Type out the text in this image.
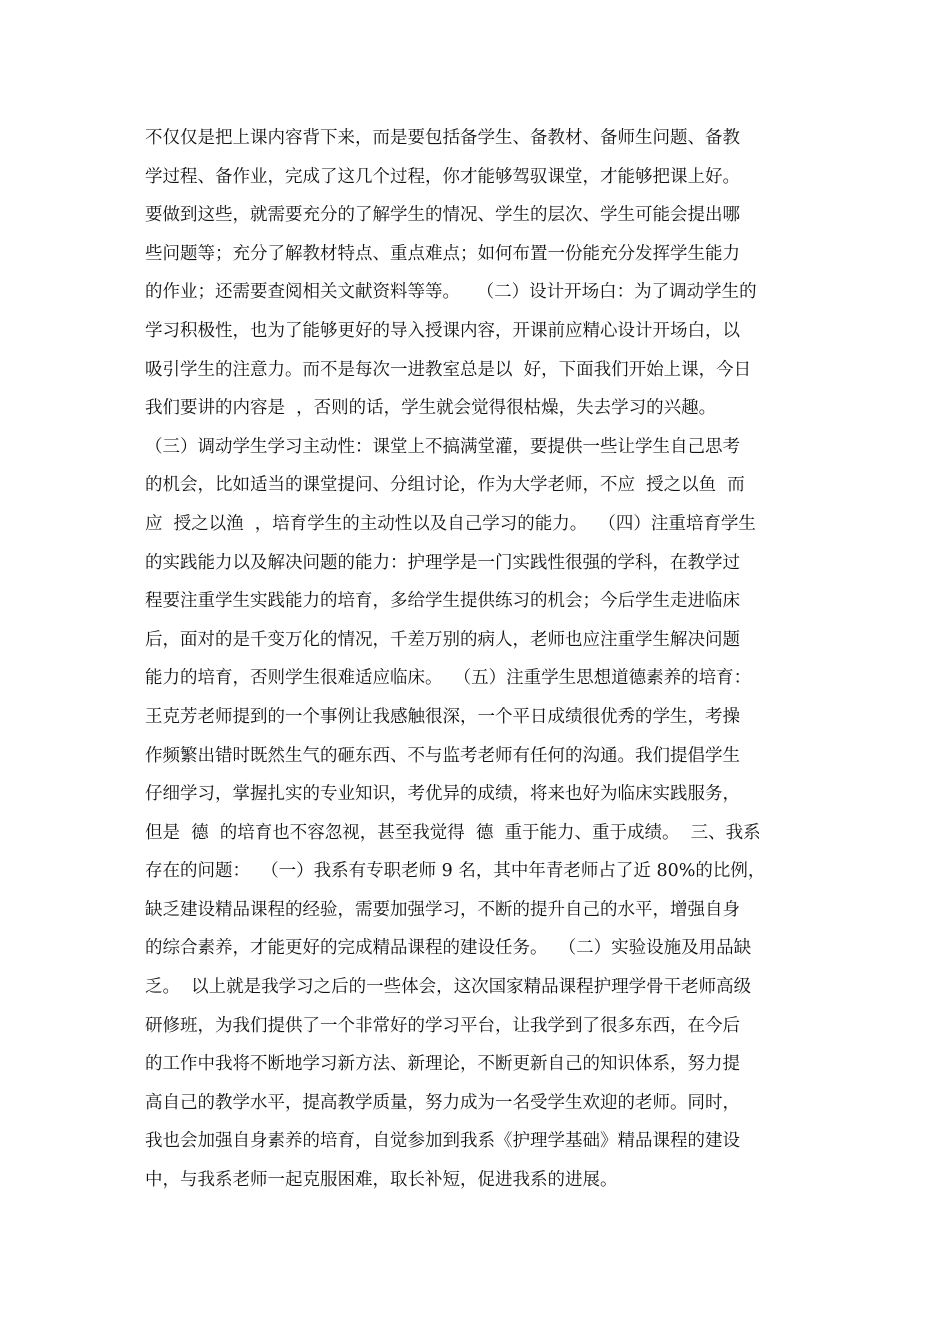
不仅仅是把上课内容背下来，而是要包括备学生、备教材、备师生问题、备教
学过程、备作业，完成了这几个过程，你才能够驾驭课堂，才能够把课上好。
要做到这些，就需要充分的了解学生的情况、学生的层次、学生可能会提出哪
些问题等；充分了解教材特点、重点难点；如何布置一份能充分发挥学生能力
的作业；还需要查阅相关文献资料等等。   （二）设计开场白：为了调动学生的
学习积极性，也为了能够更好的导入授课内容，开课前应精心设计开场白，以
吸引学生的注意力。而不是每次一进教室总是以  好，下面我们开始上课，今日
我们要讲的内容是  ，否则的话，学生就会觉得很枯燥，失去学习的兴趣。
（三）调动学生学习主动性：课堂上不搞满堂灌，要提供一些让学生自己思考
的机会，比如适当的课堂提问、分组讨论，作为大学老师，不应  授之以鱼  而
应  授之以渔  ，培育学生的主动性以及自己学习的能力。  （四）注重培育学生
的实践能力以及解决问题的能力：护理学是一门实践性很强的学科，在教学过
程要注重学生实践能力的培育，多给学生提供练习的机会；今后学生走进临床
后，面对的是千变万化的情况，千差万别的病人，老师也应注重学生解决问题
能力的培育，否则学生很难适应临床。  （五）注重学生思想道德素养的培育：
王克芳老师提到的一个事例让我感触很深，一个平日成绩很优秀的学生，考操
作频繁出错时既然生气的砸东西、不与监考老师有任何的沟通。我们提倡学生
仔细学习，掌握扎实的专业知识，考优异的成绩，将来也好为临床实践服务，
但是  德  的培育也不容忽视，甚至我觉得  德  重于能力、重于成绩。  三、我系
存在的问题：  （一）我系有专职老师 9 名，其中年青老师占了近 80%的比例，
缺乏建设精品课程的经验，需要加强学习，不断的提升自己的水平，增强自身
的综合素养，才能更好的完成精品课程的建设任务。  （二）实验设施及用品缺
乏。  以上就是我学习之后的一些体会，这次国家精品课程护理学骨干老师高级
研修班，为我们提供了一个非常好的学习平台，让我学到了很多东西，在今后
的工作中我将不断地学习新方法、新理论，不断更新自己的知识体系，努力提
高自己的教学水平，提高教学质量，努力成为一名受学生欢迎的老师。同时，
我也会加强自身素养的培育，自觉参加到我系《护理学基础》精品课程的建设
中，与我系老师一起克服困难，取长补短，促进我系的进展。
